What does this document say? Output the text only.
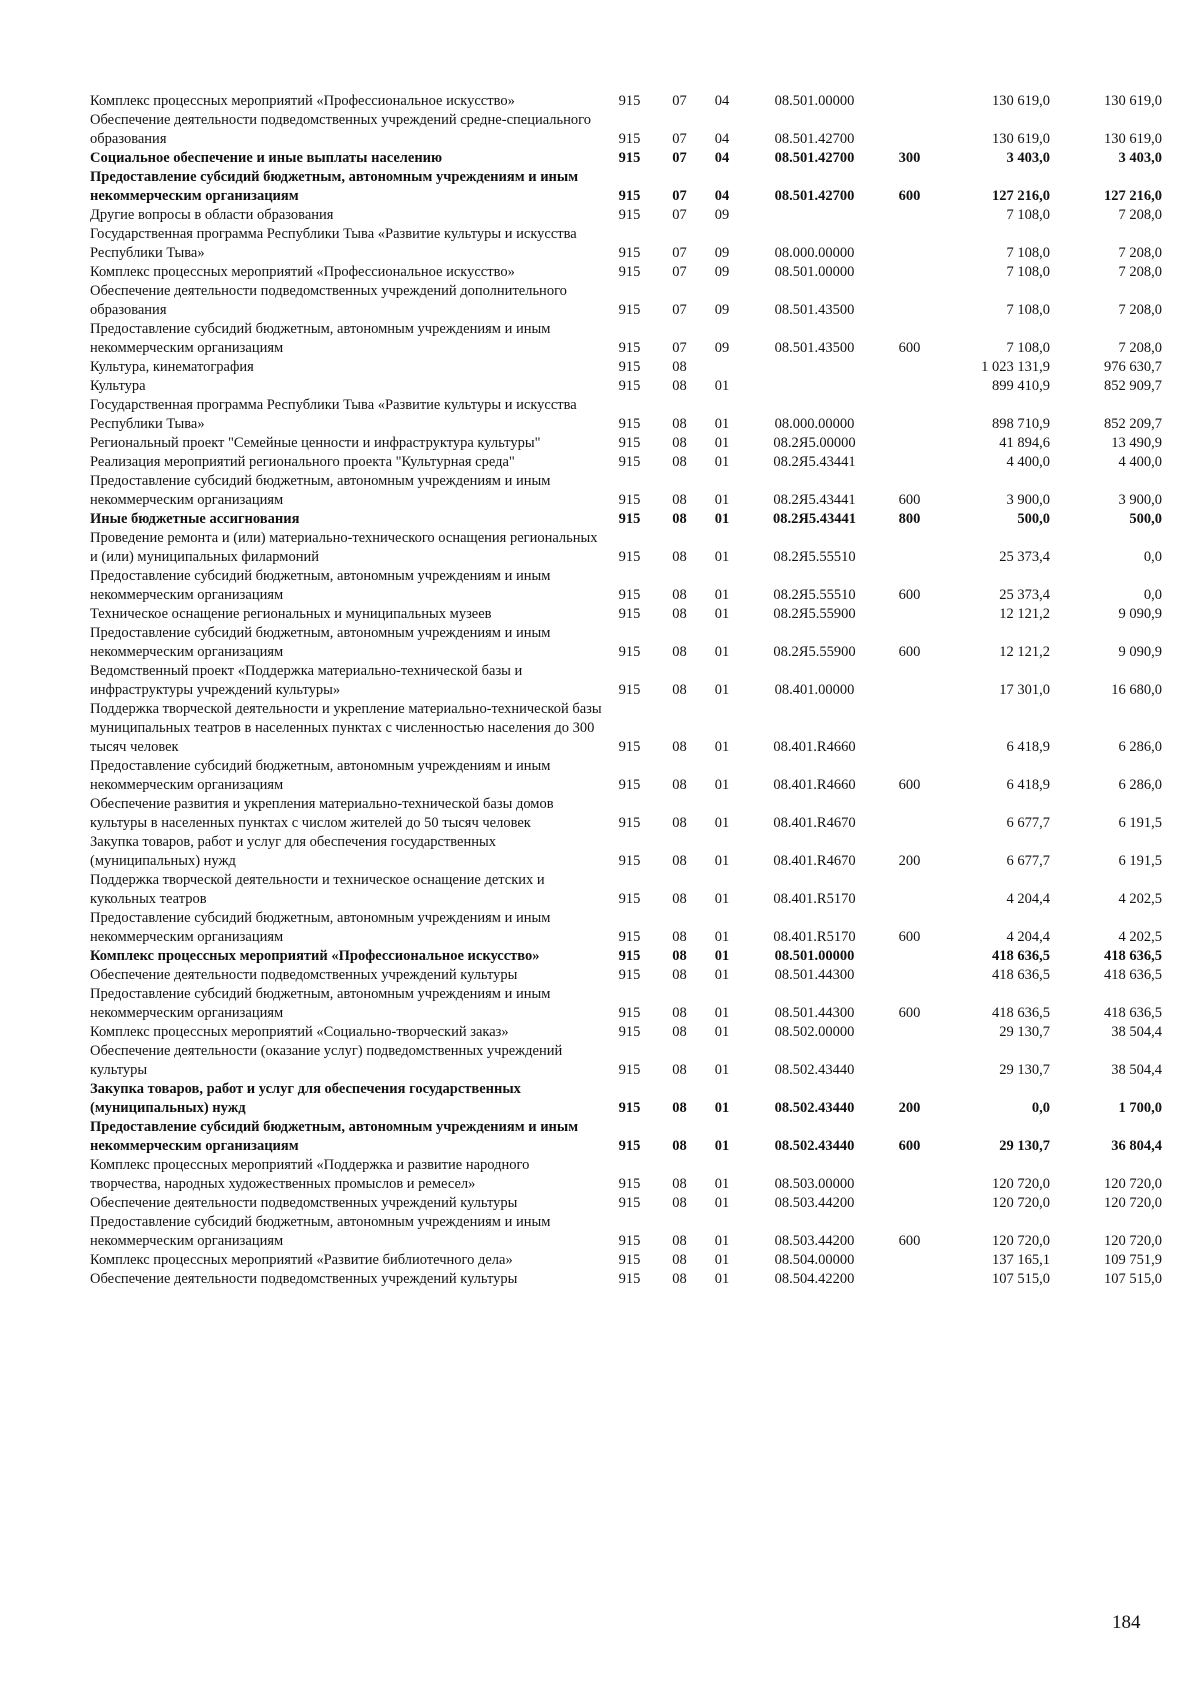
Комплекс процессных мероприятий «Профессиональное искусство»	915	07	04	08.501.00000		130 619,0	130 619,0
Обеспечение деятельности подведомственных учреждений средне-специального образования	915	07	04	08.501.42700		130 619,0	130 619,0
Социальное обеспечение и иные выплаты населению	915	07	04	08.501.42700	300	3 403,0	3 403,0
Предоставление субсидий бюджетным, автономным учреждениям и иным некоммерческим организациям	915	07	04	08.501.42700	600	127 216,0	127 216,0
Другие вопросы в области образования	915	07	09			7 108,0	7 208,0
Государственная программа Республики Тыва «Развитие культуры и искусства Республики Тыва»	915	07	09	08.000.00000		7 108,0	7 208,0
Комплекс процессных мероприятий «Профессиональное искусство»	915	07	09	08.501.00000		7 108,0	7 208,0
Обеспечение деятельности подведомственных учреждений дополнительного образования	915	07	09	08.501.43500		7 108,0	7 208,0
Предоставление субсидий бюджетным, автономным учреждениям и иным некоммерческим организациям	915	07	09	08.501.43500	600	7 108,0	7 208,0
Культура, кинематография	915	08				1 023 131,9	976 630,7
Культура	915	08	01			899 410,9	852 909,7
Государственная программа Республики Тыва «Развитие культуры и искусства Республики Тыва»	915	08	01	08.000.00000		898 710,9	852 209,7
Региональный проект "Семейные ценности и инфраструктура культуры"	915	08	01	08.2Я5.00000		41 894,6	13 490,9
Реализация мероприятий регионального проекта "Культурная среда"	915	08	01	08.2Я5.43441		4 400,0	4 400,0
Предоставление субсидий бюджетным, автономным учреждениям и иным некоммерческим организациям	915	08	01	08.2Я5.43441	600	3 900,0	3 900,0
Иные бюджетные ассигнования	915	08	01	08.2Я5.43441	800	500,0	500,0
Проведение ремонта и (или) материально-технического оснащения региональных и (или) муниципальных филармоний	915	08	01	08.2Я5.55510		25 373,4	0,0
Предоставление субсидий бюджетным, автономным учреждениям и иным некоммерческим организациям	915	08	01	08.2Я5.55510	600	25 373,4	0,0
Техническое оснащение региональных и муниципальных музеев	915	08	01	08.2Я5.55900		12 121,2	9 090,9
Предоставление субсидий бюджетным, автономным учреждениям и иным некоммерческим организациям	915	08	01	08.2Я5.55900	600	12 121,2	9 090,9
Ведомственный проект «Поддержка материально-технической базы и инфраструктуры учреждений культуры»	915	08	01	08.401.00000		17 301,0	16 680,0
Поддержка творческой деятельности и укрепление материально-технической базы муниципальных театров в населенных пунктах с численностью населения до 300 тысяч человек	915	08	01	08.401.R4660		6 418,9	6 286,0
Предоставление субсидий бюджетным, автономным учреждениям и иным некоммерческим организациям	915	08	01	08.401.R4660	600	6 418,9	6 286,0
Обеспечение развития и укрепления материально-технической базы домов культуры в населенных пунктах с числом жителей до 50 тысяч человек	915	08	01	08.401.R4670		6 677,7	6 191,5
Закупка товаров, работ и услуг для обеспечения государственных (муниципальных) нужд	915	08	01	08.401.R4670	200	6 677,7	6 191,5
Поддержка творческой деятельности и техническое оснащение детских и кукольных театров	915	08	01	08.401.R5170		4 204,4	4 202,5
Предоставление субсидий бюджетным, автономным учреждениям и иным некоммерческим организациям	915	08	01	08.401.R5170	600	4 204,4	4 202,5
Комплекс процессных мероприятий «Профессиональное искусство»	915	08	01	08.501.00000		418 636,5	418 636,5
Обеспечение деятельности подведомственных учреждений культуры	915	08	01	08.501.44300		418 636,5	418 636,5
Предоставление субсидий бюджетным, автономным учреждениям и иным некоммерческим организациям	915	08	01	08.501.44300	600	418 636,5	418 636,5
Комплекс процессных мероприятий «Социально-творческий заказ»	915	08	01	08.502.00000		29 130,7	38 504,4
Обеспечение деятельности (оказание услуг) подведомственных учреждений культуры	915	08	01	08.502.43440		29 130,7	38 504,4
Закупка товаров, работ и услуг для обеспечения государственных (муниципальных) нужд	915	08	01	08.502.43440	200	0,0	1 700,0
Предоставление субсидий бюджетным, автономным учреждениям и иным некоммерческим организациям	915	08	01	08.502.43440	600	29 130,7	36 804,4
Комплекс процессных мероприятий «Поддержка и развитие народного творчества, народных художественных промыслов и ремесел»	915	08	01	08.503.00000		120 720,0	120 720,0
Обеспечение деятельности подведомственных учреждений культуры	915	08	01	08.503.44200		120 720,0	120 720,0
Предоставление субсидий бюджетным, автономным учреждениям и иным некоммерческим организациям	915	08	01	08.503.44200	600	120 720,0	120 720,0
Комплекс процессных мероприятий «Развитие библиотечного дела»	915	08	01	08.504.00000		137 165,1	109 751,9
Обеспечение деятельности подведомственных учреждений культуры	915	08	01	08.504.42200		107 515,0	107 515,0
184
